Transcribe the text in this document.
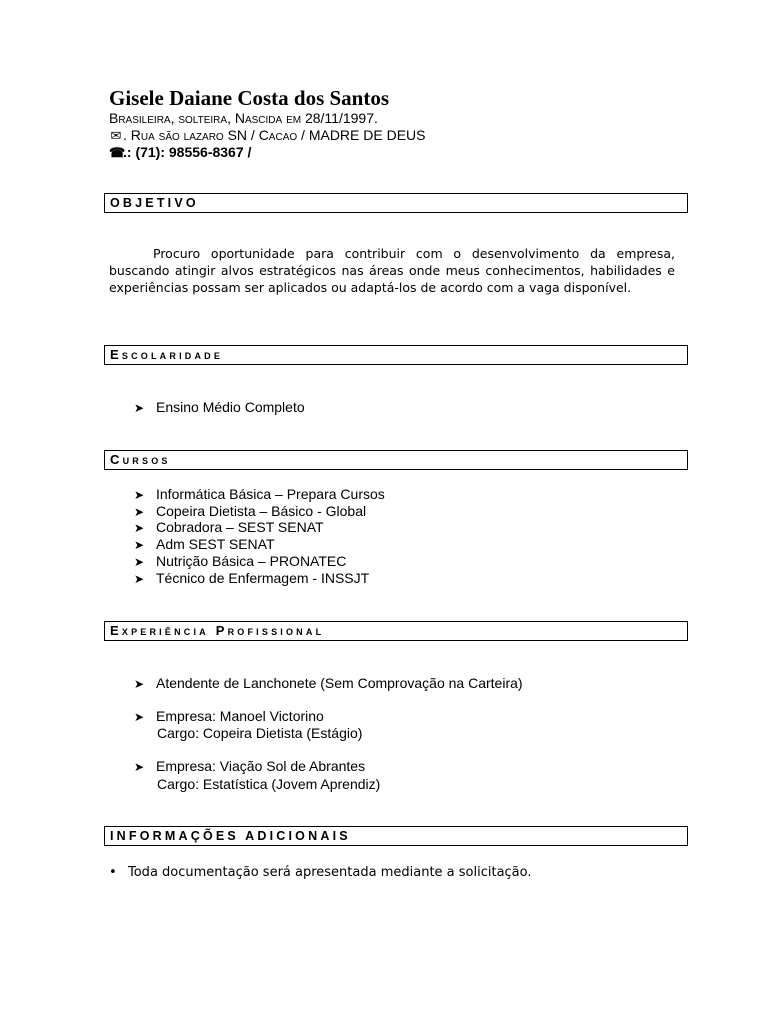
Gisele Daiane Costa dos Santos
Brasileira, solteira, Nascida em 28/11/1997.
✉ . Rua são lazaro SN / Cacao / MADRE DE DEUS
☎.: (71): 98556-8367 /
OBJETIVO
Procuro oportunidade para contribuir com o desenvolvimento da empresa, buscando atingir alvos estratégicos nas áreas onde meus conhecimentos, habilidades e experiências possam ser aplicados ou adaptá-los de acordo com a vaga disponível.
Escolaridade
➤ Ensino Médio Completo
Cursos
➤ Informática Básica – Prepara Cursos
➤ Copeira Dietista – Básico - Global
➤ Cobradora – SEST SENAT
➤ Adm SEST SENAT
➤ Nutrição Básica – PRONATEC
➤ Técnico de Enfermagem - INSSJT
Experiência Profissional
➤ Atendente de Lanchonete (Sem Comprovação na Carteira)
➤ Empresa: Manoel Victorino
Cargo: Copeira Dietista (Estágio)
➤ Empresa: Viação Sol de Abrantes
Cargo: Estatística (Jovem Aprendiz)
INFORMAÇÕES ADICIONAIS
• Toda documentação será apresentada mediante a solicitação.
